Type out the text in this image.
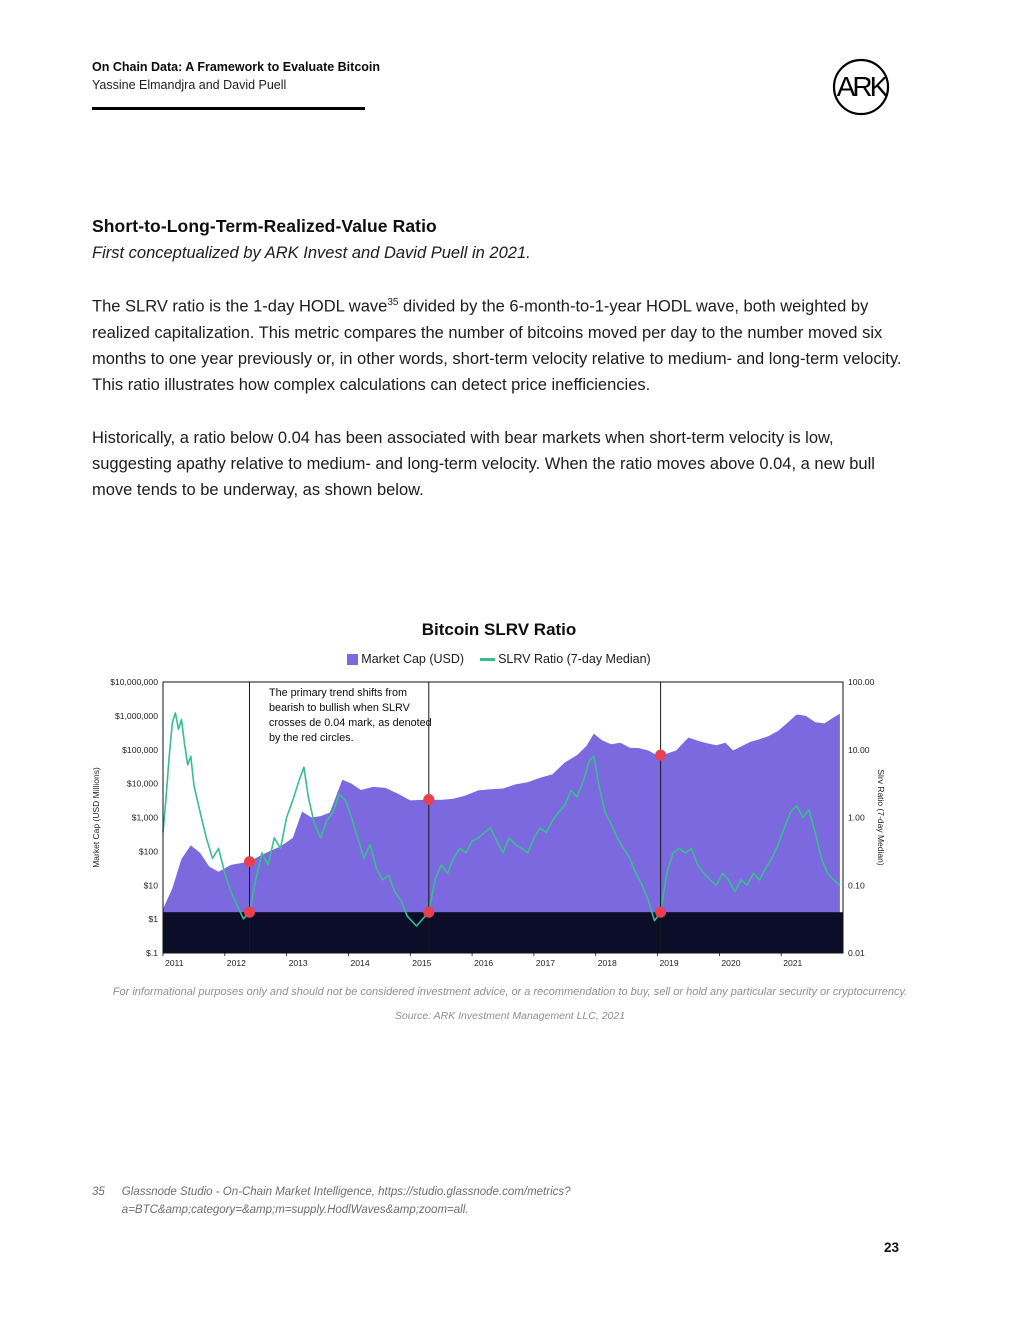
On Chain Data: A Framework to Evaluate Bitcoin
Yassine Elmandjra and David Puell	ARK
Short-to-Long-Term-Realized-Value Ratio
First conceptualized by ARK Invest and David Puell in 2021.

The SLRV ratio is the 1-day HODL wave$^{35}$ divided by the 6-month-to-1-year HODL wave, both weighted by realized capitalization. This metric compares the number of bitcoins moved per day to the number moved six months to one year previously or, in other words, short-term velocity relative to medium- and long-term velocity. This ratio illustrates how complex calculations can detect price inefficiencies.

Historically, a ratio below 0.04 has been associated with bear markets when short-term velocity is low, suggesting apathy relative to medium- and long-term velocity. When the ratio moves above 0.04, a new bull move tends to be underway, as shown below.

Bitcoin SLRV Ratio
Market Cap (USD)	SLRV Ratio (7-day Median)
The primary trend shifts from bearish to bullish when SLRV crosses de 0.04 mark, as denoted by the red circles.
$10,000,000
$1,000,000
$100,000
$10,000
$1,000
$100
$10
$1
$.1
100.00
10.00
1.00
0.10
0.01
2011	2012	2013	2014	2015	2016	2017	2018	2019	2020	2021
Market Cap (USD Millions)	Slrv Ratio (7-day Median)
For informational purposes only and should not be considered investment advice, or a recommendation to buy, sell or hold any particular security or cryptocurrency.
Source: ARK Investment Management LLC, 2021
35 Glassnode Studio - On-Chain Market Intelligence, https://studio.glassnode.com/metrics?a=BTC&amp;category=&amp;m=supply.HodlWaves&amp;zoom=all.
23
